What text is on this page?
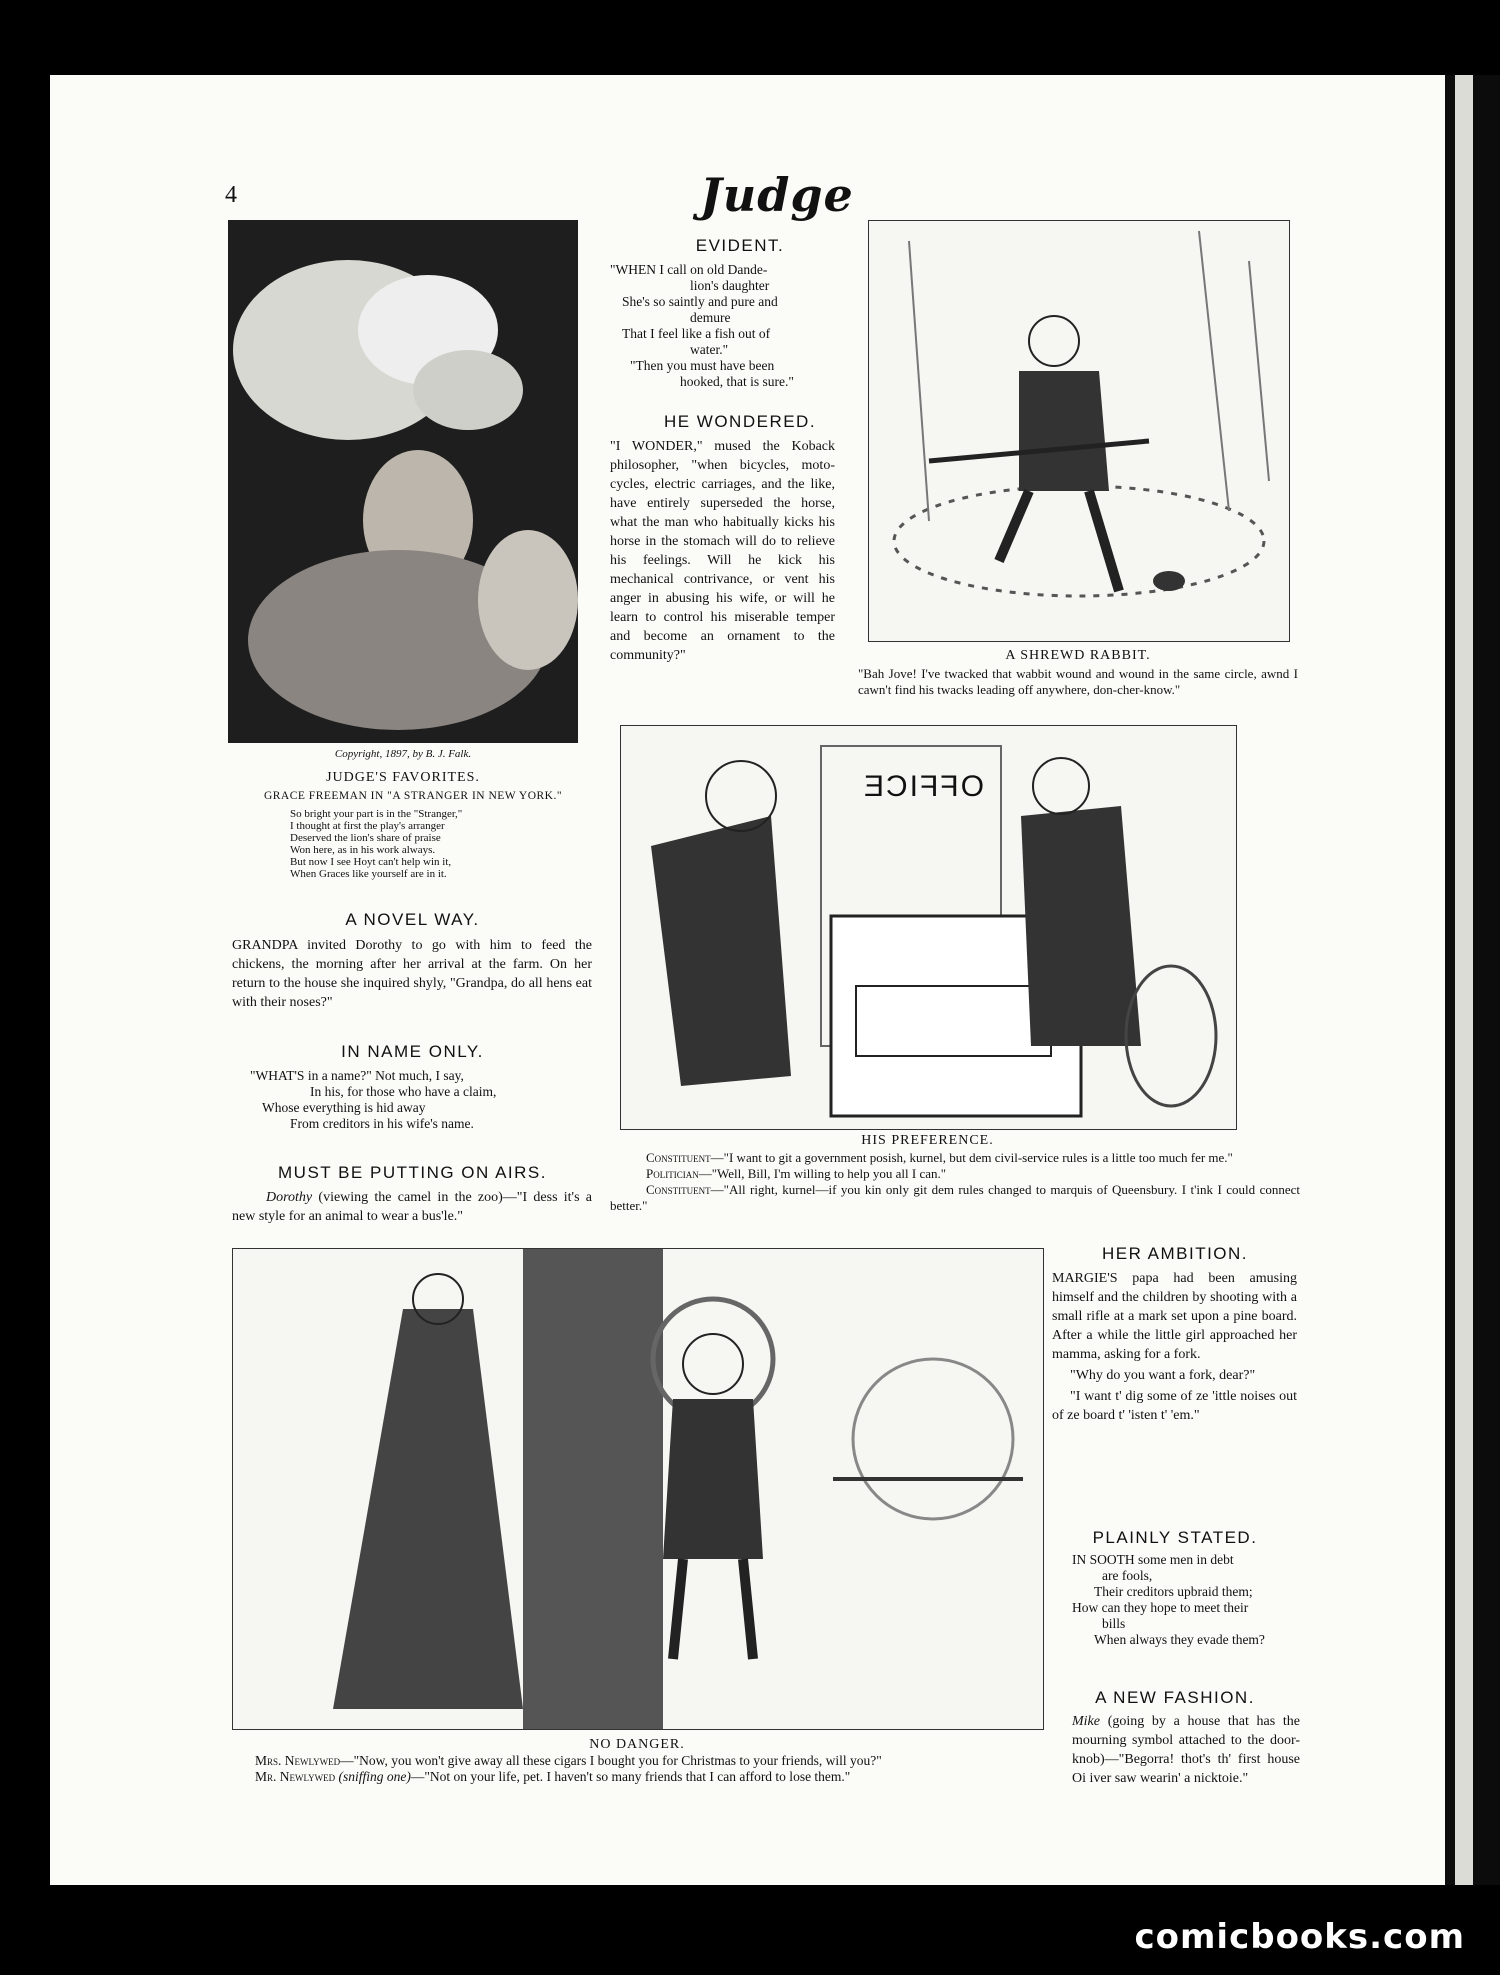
4	Judge
Copyright, 1897, by B. J. Falk.
JUDGE'S FAVORITES.
GRACE FREEMAN IN "A STRANGER IN NEW YORK."
So bright your part is in the "Stranger,"
I thought at first the play's arranger
Deserved the lion's share of praise
Won here, as in his work always.
But now I see Hoyt can't help win it,
When Graces like yourself are in it.
EVIDENT.
"WHEN I call on old Dande-
lion's daughter
She's so saintly and pure and
demure
That I feel like a fish out of
water."
"Then you must have been
hooked, that is sure."
HE WONDERED.

"I WONDER," mused the Koback philosopher, "when bicycles, moto-cycles, electric carriages, and the like, have entirely superseded the horse, what the man who habitually kicks his horse in the stomach will do to relieve his feelings. Will he kick his mechanical contrivance, or vent his anger in abusing his wife, or will he learn to control his miserable temper and become an ornament to the community?"	A SHREWD RABBIT.

"Bah Jove! I've twacked that wabbit wound and wound in the same circle, awnd I cawn't find his twacks leading off anywhere, don-cher-know."

OFFICE
HIS PREFERENCE.

Constituent—"I want to git a government posish, kurnel, but dem civil-service rules is a little too much fer me."

Politician—"Well, Bill, I'm willing to help you all I can."

Constituent—"All right, kurnel—if you kin only git dem rules changed to marquis of Queensbury. I t'ink I could connect better."

A NOVEL WAY.

GRANDPA invited Dorothy to go with him to feed the chickens, the morning after her arrival at the farm. On her return to the house she inquired shyly, "Grandpa, do all hens eat with their noses?"

IN NAME ONLY.
"WHAT'S in a name?" Not much, I say,
In his, for those who have a claim,
Whose everything is hid away
From creditors in his wife's name.
MUST BE PUTTING ON AIRS.

Dorothy (viewing the camel in the zoo)—"I dess it's a new style for an animal to wear a bus'le."

NO DANGER.

Mrs. Newlywed—"Now, you won't give away all these cigars I bought you for Christmas to your friends, will you?"

Mr. Newlywed (sniffing one)—"Not on your life, pet. I haven't so many friends that I can afford to lose them."

HER AMBITION.

MARGIE'S papa had been amusing himself and the children by shooting with a small rifle at a mark set upon a pine board. After a while the little girl approached her mamma, asking for a fork.

"Why do you want a fork, dear?"

"I want t' dig some of ze 'ittle noises out of ze board t' 'isten t' 'em."

PLAINLY STATED.
IN SOOTH some men in debt
are fools,
Their creditors upbraid them;
How can they hope to meet their
bills
When always they evade them?
A NEW FASHION.

Mike (going by a house that has the mourning symbol attached to the door-knob)—"Begorra! thot's th' first house Oi iver saw wearin' a nicktoie."

comicbooks.com
